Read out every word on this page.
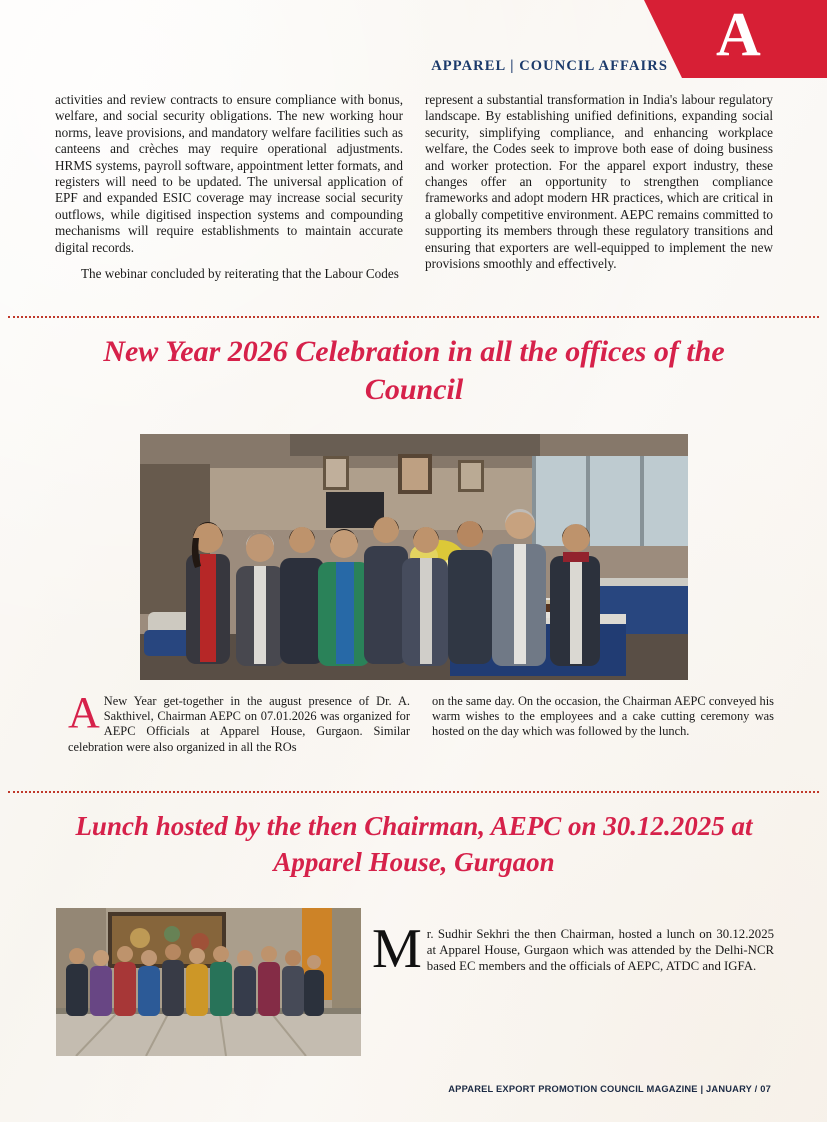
A
APPAREL | COUNCIL AFFAIRS

activities and review contracts to ensure compliance with bonus, welfare, and social security obligations. The new working hour norms, leave provisions, and mandatory welfare facilities such as canteens and crèches may require operational adjustments. HRMS systems, payroll software, appointment letter formats, and registers will need to be updated. The universal application of EPF and expanded ESIC coverage may increase social security outflows, while digitised inspection systems and compounding mechanisms will require establishments to maintain accurate digital records.

The webinar concluded by reiterating that the Labour Codes

represent a substantial transformation in India's labour regulatory landscape. By establishing unified definitions, expanding social security, simplifying compliance, and enhancing workplace welfare, the Codes seek to improve both ease of doing business and worker protection. For the apparel export industry, these changes offer an opportunity to strengthen compliance frameworks and adopt modern HR practices, which are critical in a globally competitive environment. AEPC remains committed to supporting its members through these regulatory transitions and ensuring that exporters are well-equipped to implement the new provisions smoothly and effectively.

New Year 2026 Celebration in all the offices of the Council

A New Year get-together in the august presence of Dr. A. Sakthivel, Chairman AEPC on 07.01.2026 was organized for AEPC Officials at Apparel House, Gurgaon. Similar celebration were also organized in all the ROs

on the same day. On the occasion, the Chairman AEPC conveyed his warm wishes to the employees and a cake cutting ceremony was hosted on the day which was followed by the lunch.

Lunch hosted by the then Chairman, AEPC on 30.12.2025 at Apparel House, Gurgaon
Mr. Sudhir Sekhri the then Chairman, hosted a lunch on 30.12.2025 at Apparel House, Gurgaon which was attended by the Delhi-NCR based EC members and the officials of AEPC, ATDC and IGFA.
APPAREL EXPORT PROMOTION COUNCIL MAGAZINE | JANUARY / 07
